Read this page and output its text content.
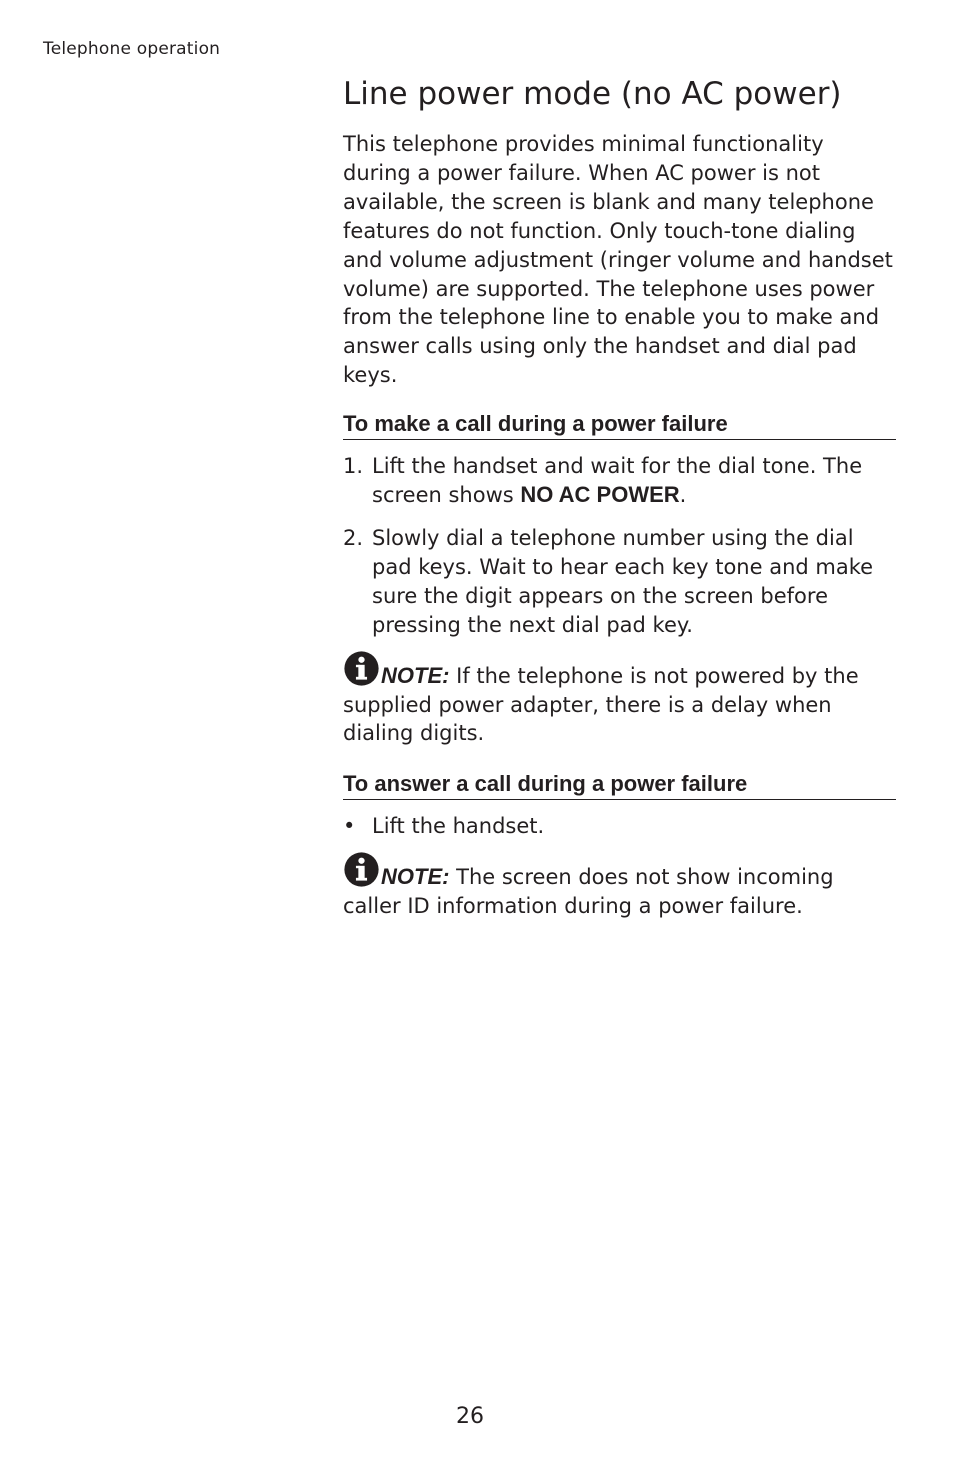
Telephone operation
Line power mode (no AC power)

This telephone provides minimal functionality during a power failure. When AC power is not available, the screen is blank and many telephone features do not function. Only touch-tone dialing and volume adjustment (ringer volume and handset volume) are supported. The telephone uses power from the telephone line to enable you to make and answer calls using only the handset and dial pad keys.

To make a call during a power failure
1. Lift the handset and wait for the dial tone. The screen shows NO AC POWER.
2. Slowly dial a telephone number using the dial pad keys. Wait to hear each key tone and make sure the digit appears on the screen before pressing the next dial pad key.

NOTE: If the telephone is not powered by the supplied power adapter, there is a delay when dialing digits.

To answer a call during a power failure
• Lift the handset.

NOTE: The screen does not show incoming caller ID information during a power failure.

26
